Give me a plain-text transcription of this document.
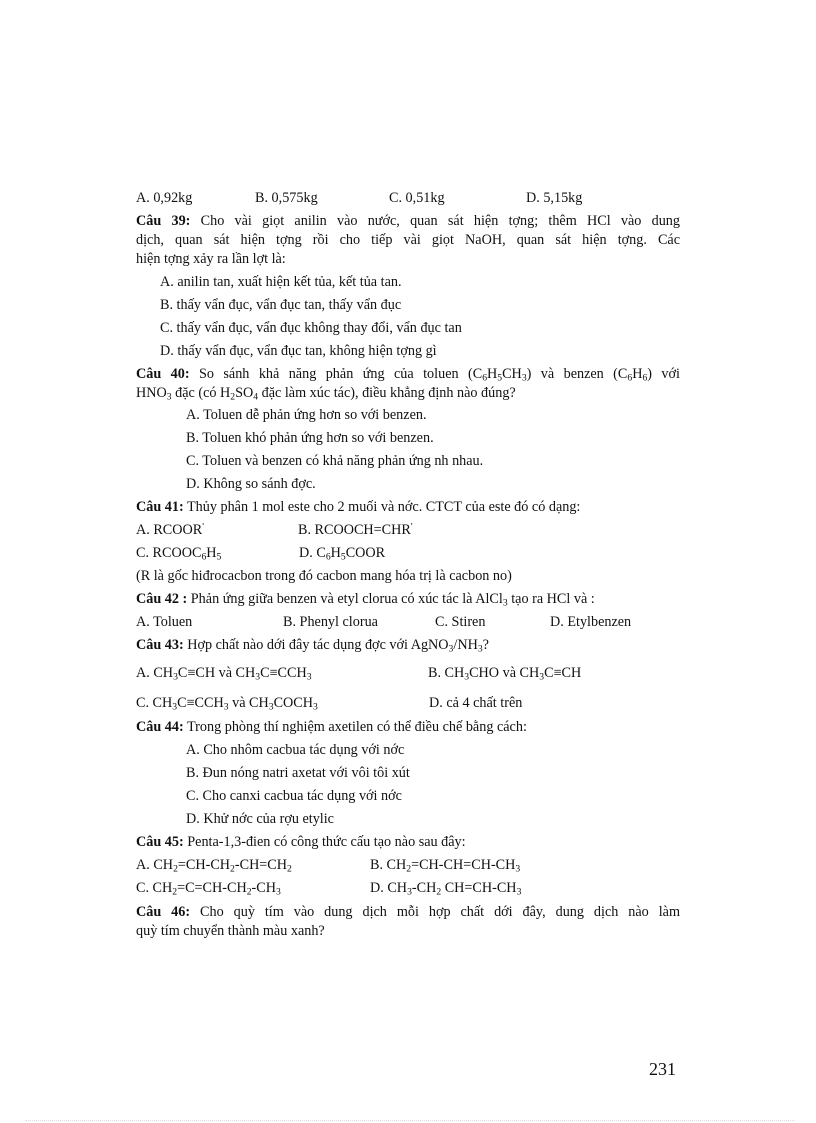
A. 0,92kg	B. 0,575kg	C. 0,51kg	D. 5,15kg
Câu 39: Cho vài giọt anilin vào nước, quan sát hiện tợng; thêm HCl vào dung
dịch, quan sát hiện tợng rồi cho tiếp vài giọt NaOH, quan sát hiện tợng. Các
hiện tợng xảy ra lần lợt là:
A. anilin tan, xuất hiện kết tủa, kết tủa tan.
B. thấy vẩn đục, vẩn đục tan, thấy vẩn đục
C. thấy vẩn đục, vẩn đục không thay đổi, vẩn đục tan
D. thấy vẩn đục, vẩn đục tan, không hiện tợng gì
Câu 40: So sánh khả năng phản ứng của toluen $(C_6H_5CH_3)$ và benzen $(C_6H_6)$ với
$HNO_3$ đặc (có $H_2SO_4$ đặc làm xúc tác), điều khẳng định nào đúng?
A. Toluen dễ phản ứng hơn so với benzen.
B. Toluen khó phản ứng hơn so với benzen.
C. Toluen và benzen có khả năng phản ứng nh nhau.
D. Không so sánh đợc.
Câu 41: Thủy phân 1 mol este cho 2 muối và nớc. CTCT của este đó có dạng:
A. RCOOR'	B. RCOOCH=CHR'
C. $RCOOC_6H_5$	D. $C_6H_5COOR$
(R là gốc hiđrocacbon trong đó cacbon mang hóa trị là cacbon no)
Câu 42 : Phản ứng giữa benzen và etyl clorua có xúc tác là AlCl$_3$ tạo ra HCl và :
A. Toluen	B. Phenyl clorua	C. Stiren	D. Etylbenzen
Câu 43: Hợp chất nào dới đây tác dụng đợc với $AgNO_3/NH_3$?
A. $CH_3C\equiv CH$ và $CH_3C\equiv CCH_3$	B. $CH_3CHO$ và $CH_3C\equiv CH$
C. $CH_3C\equiv CCH_3$ và $CH_3COCH_3$	D. cả 4 chất trên
Câu 44: Trong phòng thí nghiệm axetilen có thể điều chế bằng cách:
A. Cho nhôm cacbua tác dụng với nớc
B. Đun nóng natri axetat với vôi tôi xút
C. Cho canxi cacbua tác dụng với nớc
D. Khử nớc của rợu etylic
Câu 45: Penta-1,3-đien có công thức cấu tạo nào sau đây:
A. $CH_2=CH-CH_2-CH=CH_2$	B. $CH_2=CH-CH=CH-CH_3$
C. $CH_2=C=CH-CH_2-CH_3$	D. $CH_3-CH_2$ $CH=CH-CH_3$
Câu 46: Cho quỳ tím vào dung dịch mỗi hợp chất dới đây, dung dịch nào làm
quỳ tím chuyển thành màu xanh?
231
